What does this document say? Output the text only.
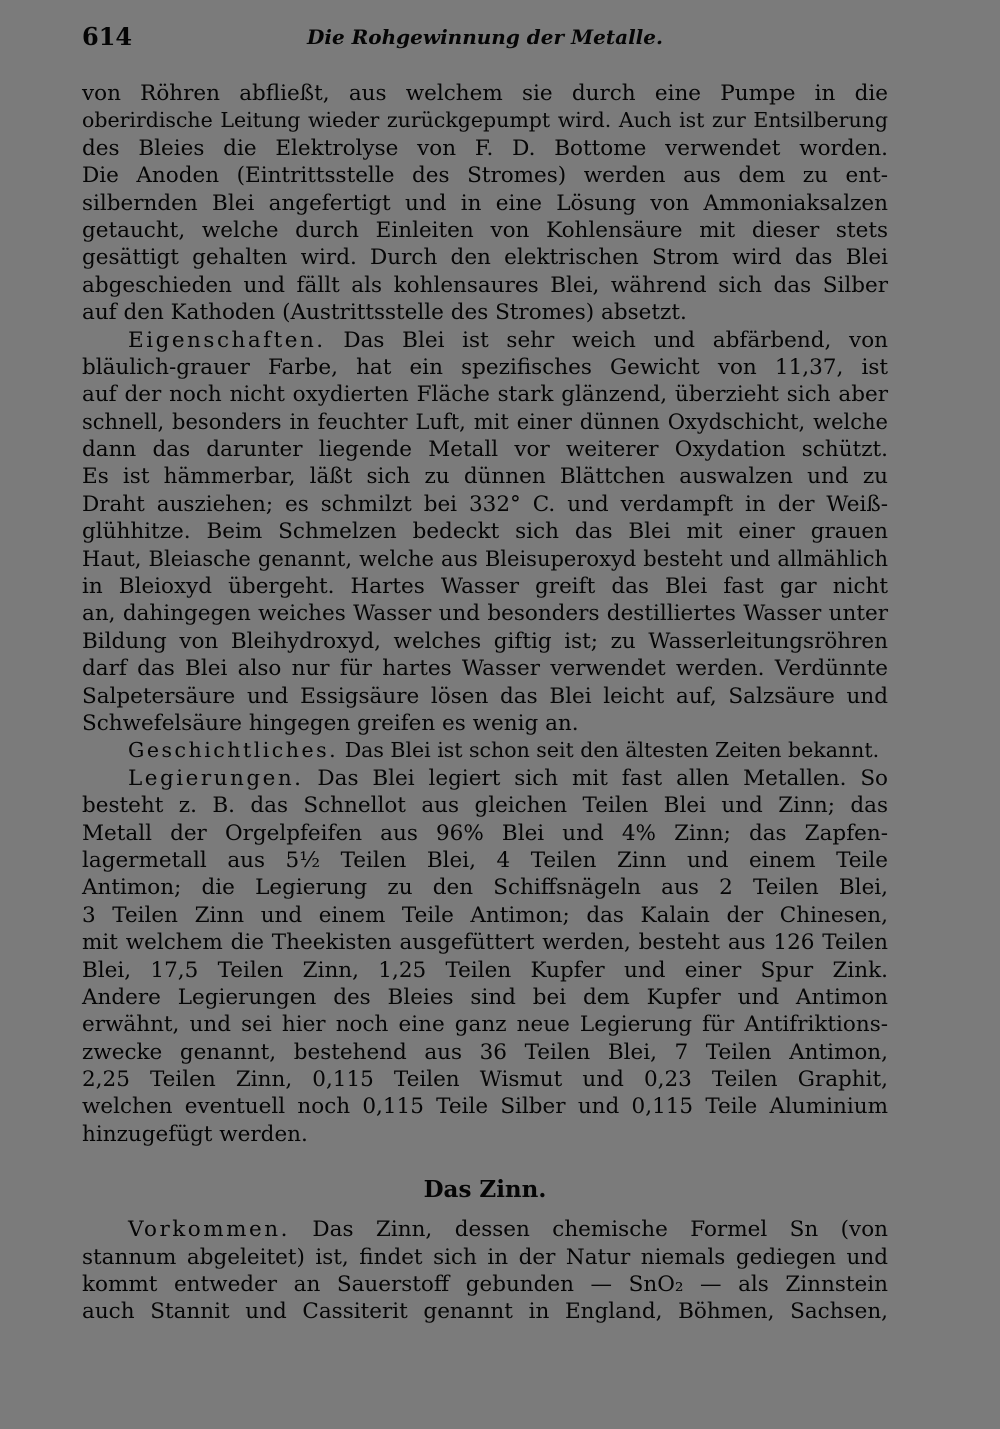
614	Die Rohgewinnung der Metalle.
von Röhren abfließt, aus welchem sie durch eine Pumpe in die
oberirdische Leitung wieder zurückgepumpt wird. Auch ist zur Entsilberung
des Bleies die Elektrolyse von F. D. Bottome verwendet worden.
Die Anoden (Eintrittsstelle des Stromes) werden aus dem zu ent-
silbernden Blei angefertigt und in eine Lösung von Ammoniaksalzen
getaucht, welche durch Einleiten von Kohlensäure mit dieser stets
gesättigt gehalten wird. Durch den elektrischen Strom wird das Blei
abgeschieden und fällt als kohlensaures Blei, während sich das Silber
auf den Kathoden (Austrittsstelle des Stromes) absetzt.
Eigenschaften. Das Blei ist sehr weich und abfärbend, von
bläulich-grauer Farbe, hat ein spezifisches Gewicht von 11,37, ist
auf der noch nicht oxydierten Fläche stark glänzend, überzieht sich aber
schnell, besonders in feuchter Luft, mit einer dünnen Oxydschicht, welche
dann das darunter liegende Metall vor weiterer Oxydation schützt.
Es ist hämmerbar, läßt sich zu dünnen Blättchen auswalzen und zu
Draht ausziehen; es schmilzt bei 332° C. und verdampft in der Weiß-
glühhitze. Beim Schmelzen bedeckt sich das Blei mit einer grauen
Haut, Bleiasche genannt, welche aus Bleisuperoxyd besteht und allmählich
in Bleioxyd übergeht. Hartes Wasser greift das Blei fast gar nicht
an, dahingegen weiches Wasser und besonders destilliertes Wasser unter
Bildung von Bleihydroxyd, welches giftig ist; zu Wasserleitungsröhren
darf das Blei also nur für hartes Wasser verwendet werden. Verdünnte
Salpetersäure und Essigsäure lösen das Blei leicht auf, Salzsäure und
Schwefelsäure hingegen greifen es wenig an.
Geschichtliches. Das Blei ist schon seit den ältesten Zeiten bekannt.
Legierungen. Das Blei legiert sich mit fast allen Metallen. So
besteht z. B. das Schnellot aus gleichen Teilen Blei und Zinn; das
Metall der Orgelpfeifen aus 96% Blei und 4% Zinn; das Zapfen-
lagermetall aus 5½ Teilen Blei, 4 Teilen Zinn und einem Teile
Antimon; die Legierung zu den Schiffsnägeln aus 2 Teilen Blei,
3 Teilen Zinn und einem Teile Antimon; das Kalain der Chinesen,
mit welchem die Theekisten ausgefüttert werden, besteht aus 126 Teilen
Blei, 17,5 Teilen Zinn, 1,25 Teilen Kupfer und einer Spur Zink.
Andere Legierungen des Bleies sind bei dem Kupfer und Antimon
erwähnt, und sei hier noch eine ganz neue Legierung für Antifriktions-
zwecke genannt, bestehend aus 36 Teilen Blei, 7 Teilen Antimon,
2,25 Teilen Zinn, 0,115 Teilen Wismut und 0,23 Teilen Graphit,
welchen eventuell noch 0,115 Teile Silber und 0,115 Teile Aluminium
hinzugefügt werden.
Das Zinn.
Vorkommen. Das Zinn, dessen chemische Formel Sn (von
stannum abgeleitet) ist, findet sich in der Natur niemals gediegen und
kommt entweder an Sauerstoff gebunden — SnO₂ — als Zinnstein
auch Stannit und Cassiterit genannt in England, Böhmen, Sachsen,
